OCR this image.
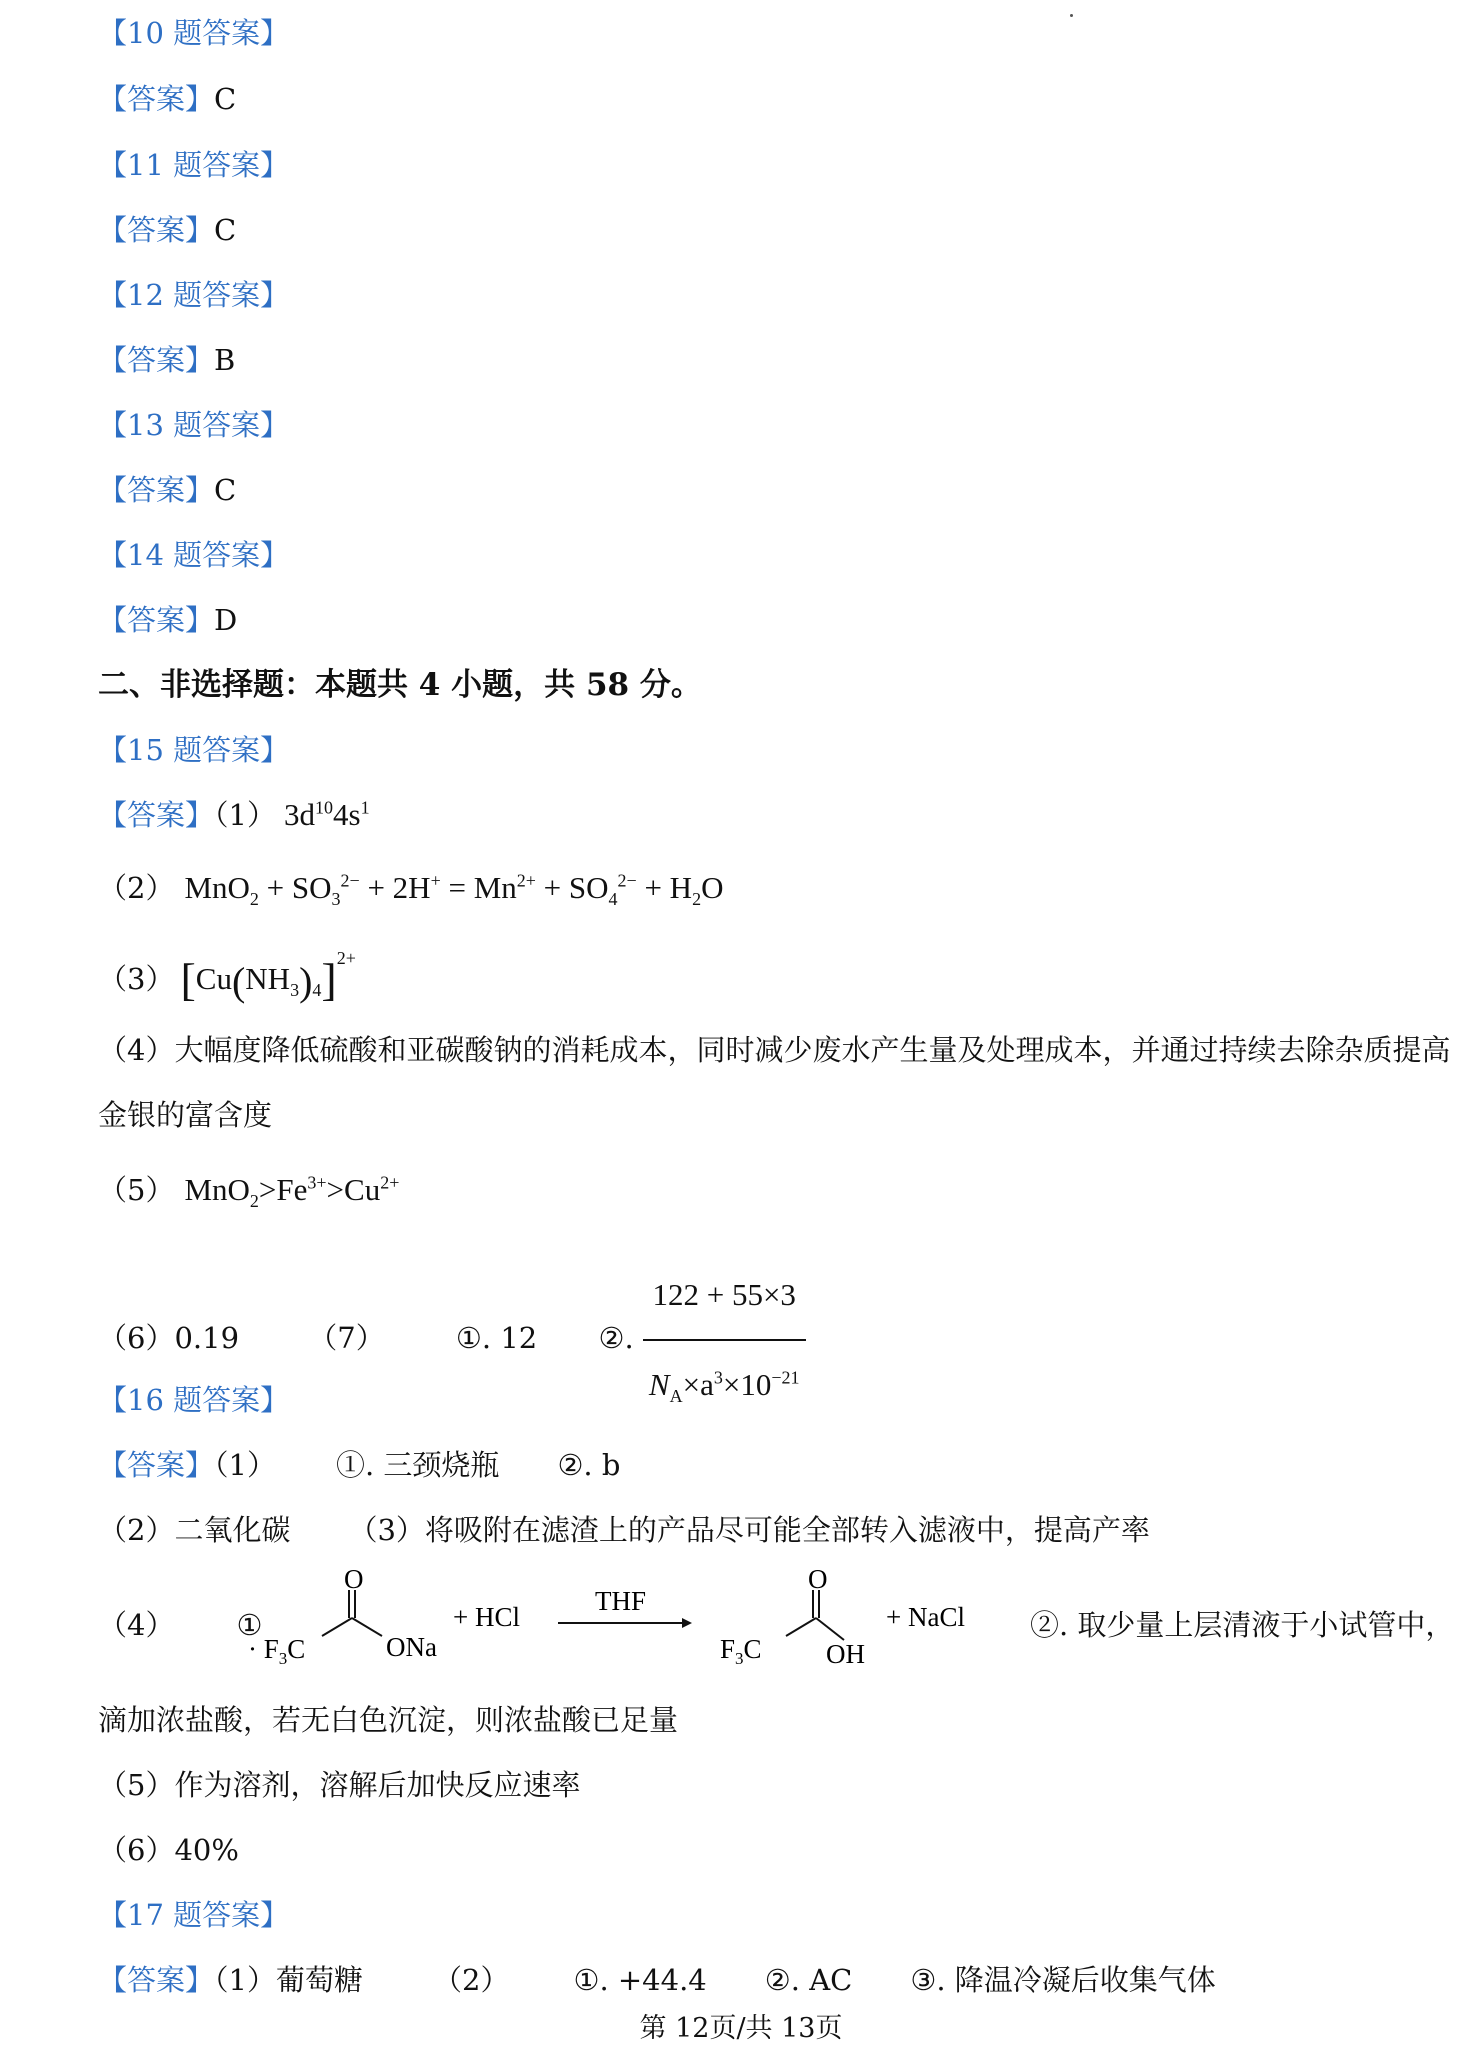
【10 题答案】
【答案】C
【11 题答案】
【答案】C
【12 题答案】
【答案】B
【13 题答案】
【答案】C
【14 题答案】
【答案】D
二、非选择题：本题共 4 小题，共 58 分。
【15 题答案】
【答案】（1） $3d^{10}4s^1$
（2） $MnO_2 + SO_3^{2-} + 2H^+ = Mn^{2+} + SO_4^{2-} + H_2O$
（3） $[Cu(NH_3)_4]^{2+}$
（4）大幅度降低硫酸和亚碳酸钠的消耗成本，同时减少废水产生量及处理成本，并通过持续去除杂质提高
金银的富含度
（5） $MnO_2>Fe^{3+}>Cu^{2+}$
（6）0.19 （7） ①. 12 ②. $\frac{122 + 55\times 3}{N_A\times a^3\times 10^{-21}}$
【16 题答案】
【答案】（1） ①. 三颈烧瓶 ②. b
（2）二氧化碳 （3）将吸附在滤渣上的产品尽可能全部转入滤液中，提高产率
（4） ①
O
· $F_3C$	ONa
+ HCl
THF
O
$F_3C$ OH
+ NaCl ②. 取少量上层清液于小试管中，
滴加浓盐酸，若无白色沉淀，则浓盐酸已足量
（5）作为溶剂，溶解后加快反应速率
（6）40%
【17 题答案】
【答案】（1）葡萄糖 （2） ①. +44.4 ②. AC ③. 降温冷凝后收集气体
第 12页/共 13页
